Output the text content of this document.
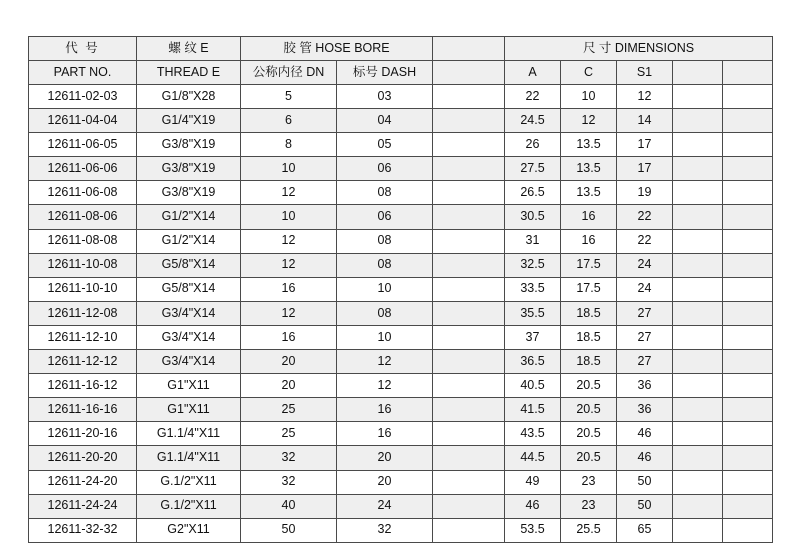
代 号	螺 纹 E	胶 管 HOSE BORE			尺 寸 DIMENSIONS				
PART NO.	THREAD E	公称内径 DN	标号 DASH		A	C	S1		
12611-02-03	G1/8"X28	5	03		22	10	12		
12611-04-04	G1/4"X19	6	04		24.5	12	14		
12611-06-05	G3/8"X19	8	05		26	13.5	17		
12611-06-06	G3/8"X19	10	06		27.5	13.5	17		
12611-06-08	G3/8"X19	12	08		26.5	13.5	19		
12611-08-06	G1/2"X14	10	06		30.5	16	22		
12611-08-08	G1/2"X14	12	08		31	16	22		
12611-10-08	G5/8"X14	12	08		32.5	17.5	24		
12611-10-10	G5/8"X14	16	10		33.5	17.5	24		
12611-12-08	G3/4"X14	12	08		35.5	18.5	27		
12611-12-10	G3/4"X14	16	10		37	18.5	27		
12611-12-12	G3/4"X14	20	12		36.5	18.5	27		
12611-16-12	G1"X11	20	12		40.5	20.5	36		
12611-16-16	G1"X11	25	16		41.5	20.5	36		
12611-20-16	G1.1/4"X11	25	16		43.5	20.5	46		
12611-20-20	G1.1/4"X11	32	20		44.5	20.5	46		
12611-24-20	G.1/2"X11	32	20		49	23	50		
12611-24-24	G.1/2"X11	40	24		46	23	50		
12611-32-32	G2"X11	50	32		53.5	25.5	65		
